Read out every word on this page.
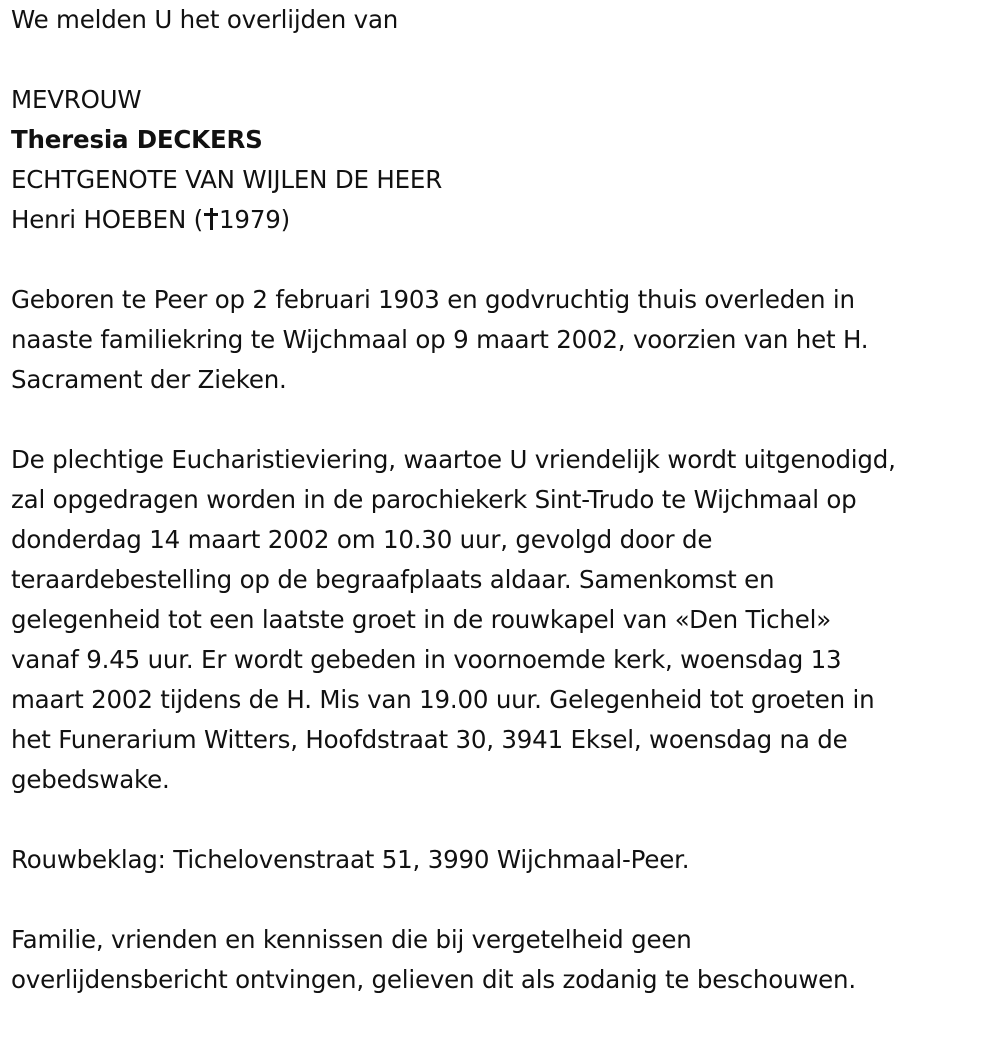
We melden U het overlijden van

MEVROUW

Theresia DECKERS

ECHTGENOTE VAN WIJLEN DE HEER

Henri HOEBEN ( 1979)

Geboren te Peer op 2 februari 1903 en godvruchtig thuis overleden in

naaste familiekring te Wijchmaal op 9 maart 2002, voorzien van het H.

Sacrament der Zieken.

De plechtige Eucharistieviering, waartoe U vriendelijk wordt uitgenodigd,

zal opgedragen worden in de parochiekerk Sint-Trudo te Wijchmaal op

donderdag 14 maart 2002 om 10.30 uur, gevolgd door de

teraardebestelling op de begraafplaats aldaar. Samenkomst en

gelegenheid tot een laatste groet in de rouwkapel van «Den Tichel»

vanaf 9.45 uur. Er wordt gebeden in voornoemde kerk, woensdag 13

maart 2002 tijdens de H. Mis van 19.00 uur. Gelegenheid tot groeten in

het Funerarium Witters, Hoofdstraat 30, 3941 Eksel, woensdag na de

gebedswake.

Rouwbeklag: Tichelovenstraat 51, 3990 Wijchmaal-Peer.

Familie, vrienden en kennissen die bij vergetelheid geen

overlijdensbericht ontvingen, gelieven dit als zodanig te beschouwen.
